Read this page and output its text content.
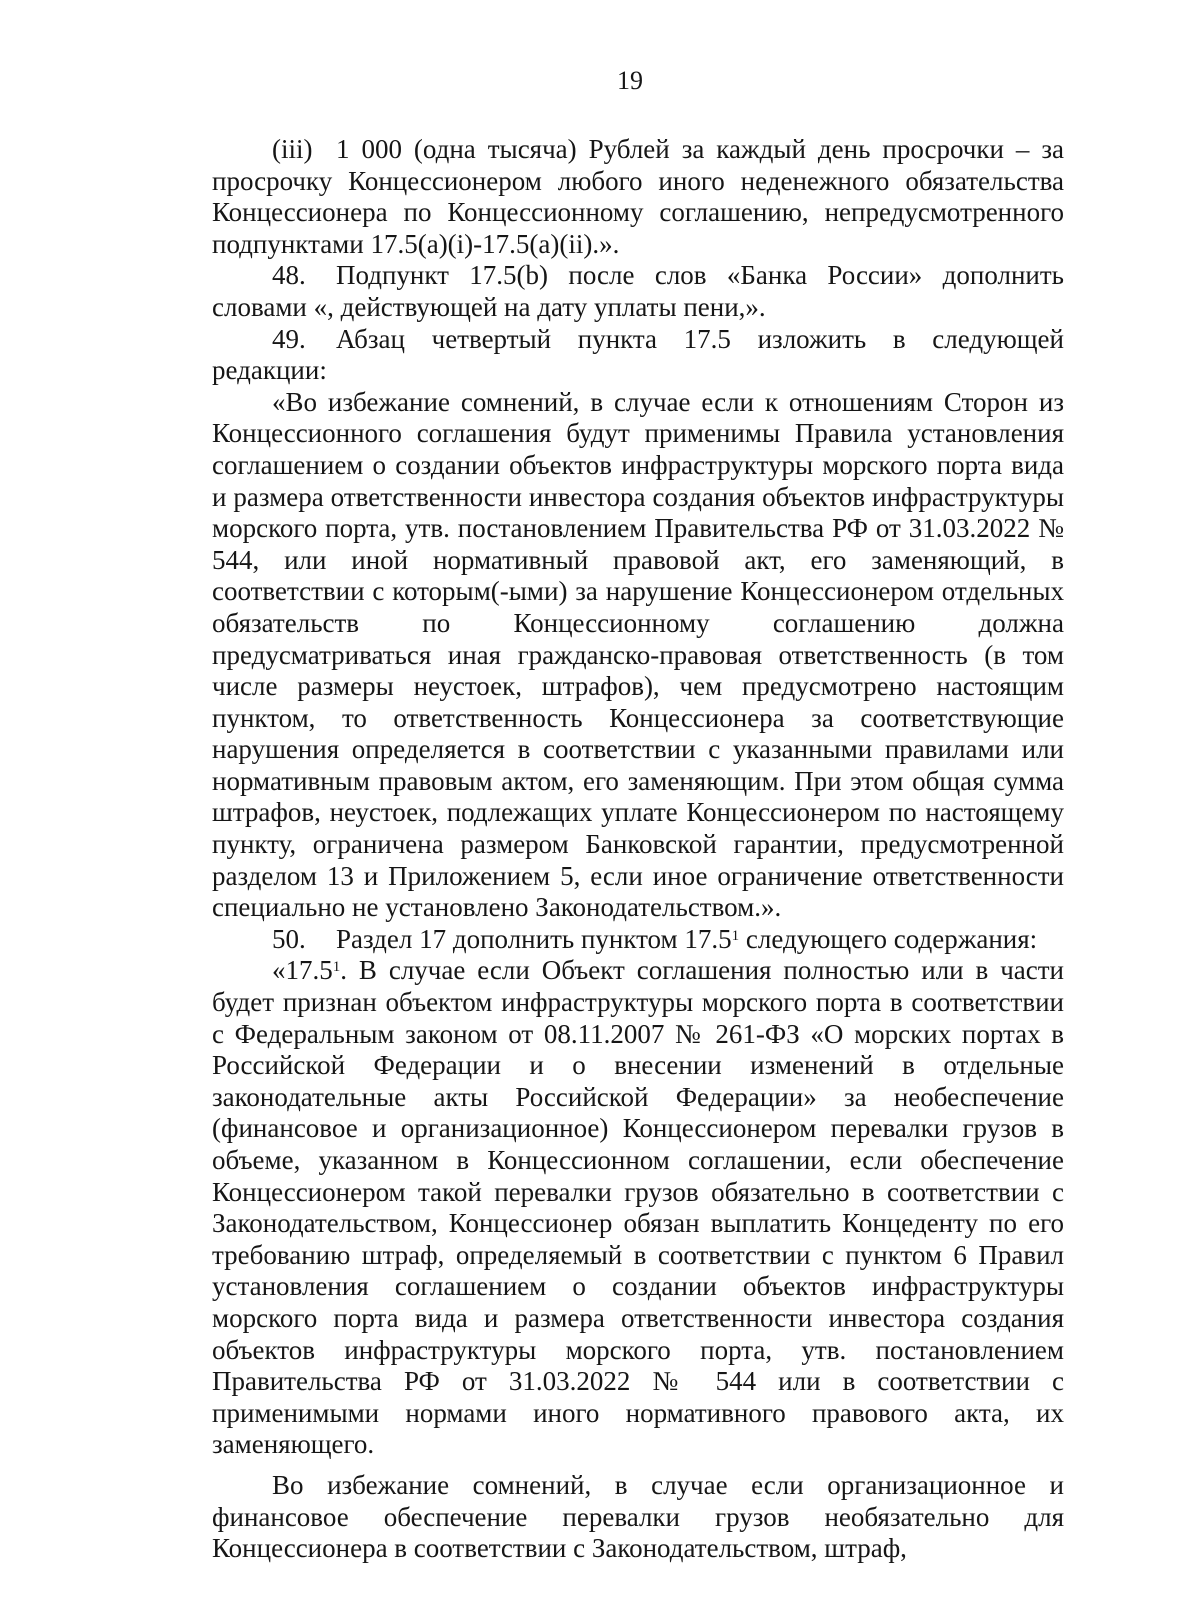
19

(iii) 1 000 (одна тысяча) Рублей за каждый день просрочки – за просрочку Концессионером любого иного неденежного обязательства Концессионера по Концессионному соглашению, непредусмотренного подпунктами 17.5(a)(i)-17.5(a)(ii).».

48. Подпункт 17.5(b) после слов «Банка России» дополнить словами «, действующей на дату уплаты пени,».

49. Абзац четвертый пункта 17.5 изложить в следующей редакции:

«Во избежание сомнений, в случае если к отношениям Сторон из Концессионного соглашения будут применимы Правила установления соглашением о создании объектов инфраструктуры морского порта вида и размера ответственности инвестора создания объектов инфраструктуры морского порта, утв. постановлением Правительства РФ от 31.03.2022 № 544, или иной нормативный правовой акт, его заменяющий, в соответствии с которым(-ыми) за нарушение Концессионером отдельных обязательств по Концессионному соглашению должна предусматриваться иная гражданско-правовая ответственность (в том числе размеры неустоек, штрафов), чем предусмотрено настоящим пунктом, то ответственность Концессионера за соответствующие нарушения определяется в соответствии с указанными правилами или нормативным правовым актом, его заменяющим. При этом общая сумма штрафов, неустоек, подлежащих уплате Концессионером по настоящему пункту, ограничена размером Банковской гарантии, предусмотренной разделом 13 и Приложением 5, если иное ограничение ответственности специально не установлено Законодательством.».

50. Раздел 17 дополнить пунктом 17.5$^1$ следующего содержания:

«17.5$^1$. В случае если Объект соглашения полностью или в части будет признан объектом инфраструктуры морского порта в соответствии с Федеральным законом от 08.11.2007 № 261-ФЗ «О морских портах в Российской Федерации и о внесении изменений в отдельные законодательные акты Российской Федерации» за необеспечение (финансовое и организационное) Концессионером перевалки грузов в объеме, указанном в Концессионном соглашении, если обеспечение Концессионером такой перевалки грузов обязательно в соответствии с Законодательством, Концессионер обязан выплатить Концеденту по его требованию штраф, определяемый в соответствии с пунктом 6 Правил установления соглашением о создании объектов инфраструктуры морского порта вида и размера ответственности инвестора создания объектов инфраструктуры морского порта, утв. постановлением Правительства РФ от 31.03.2022 № 544 или в соответствии с применимыми нормами иного нормативного правового акта, их заменяющего.

Во избежание сомнений, в случае если организационное и финансовое обеспечение перевалки грузов необязательно для Концессионера в соответствии с Законодательством, штраф,
